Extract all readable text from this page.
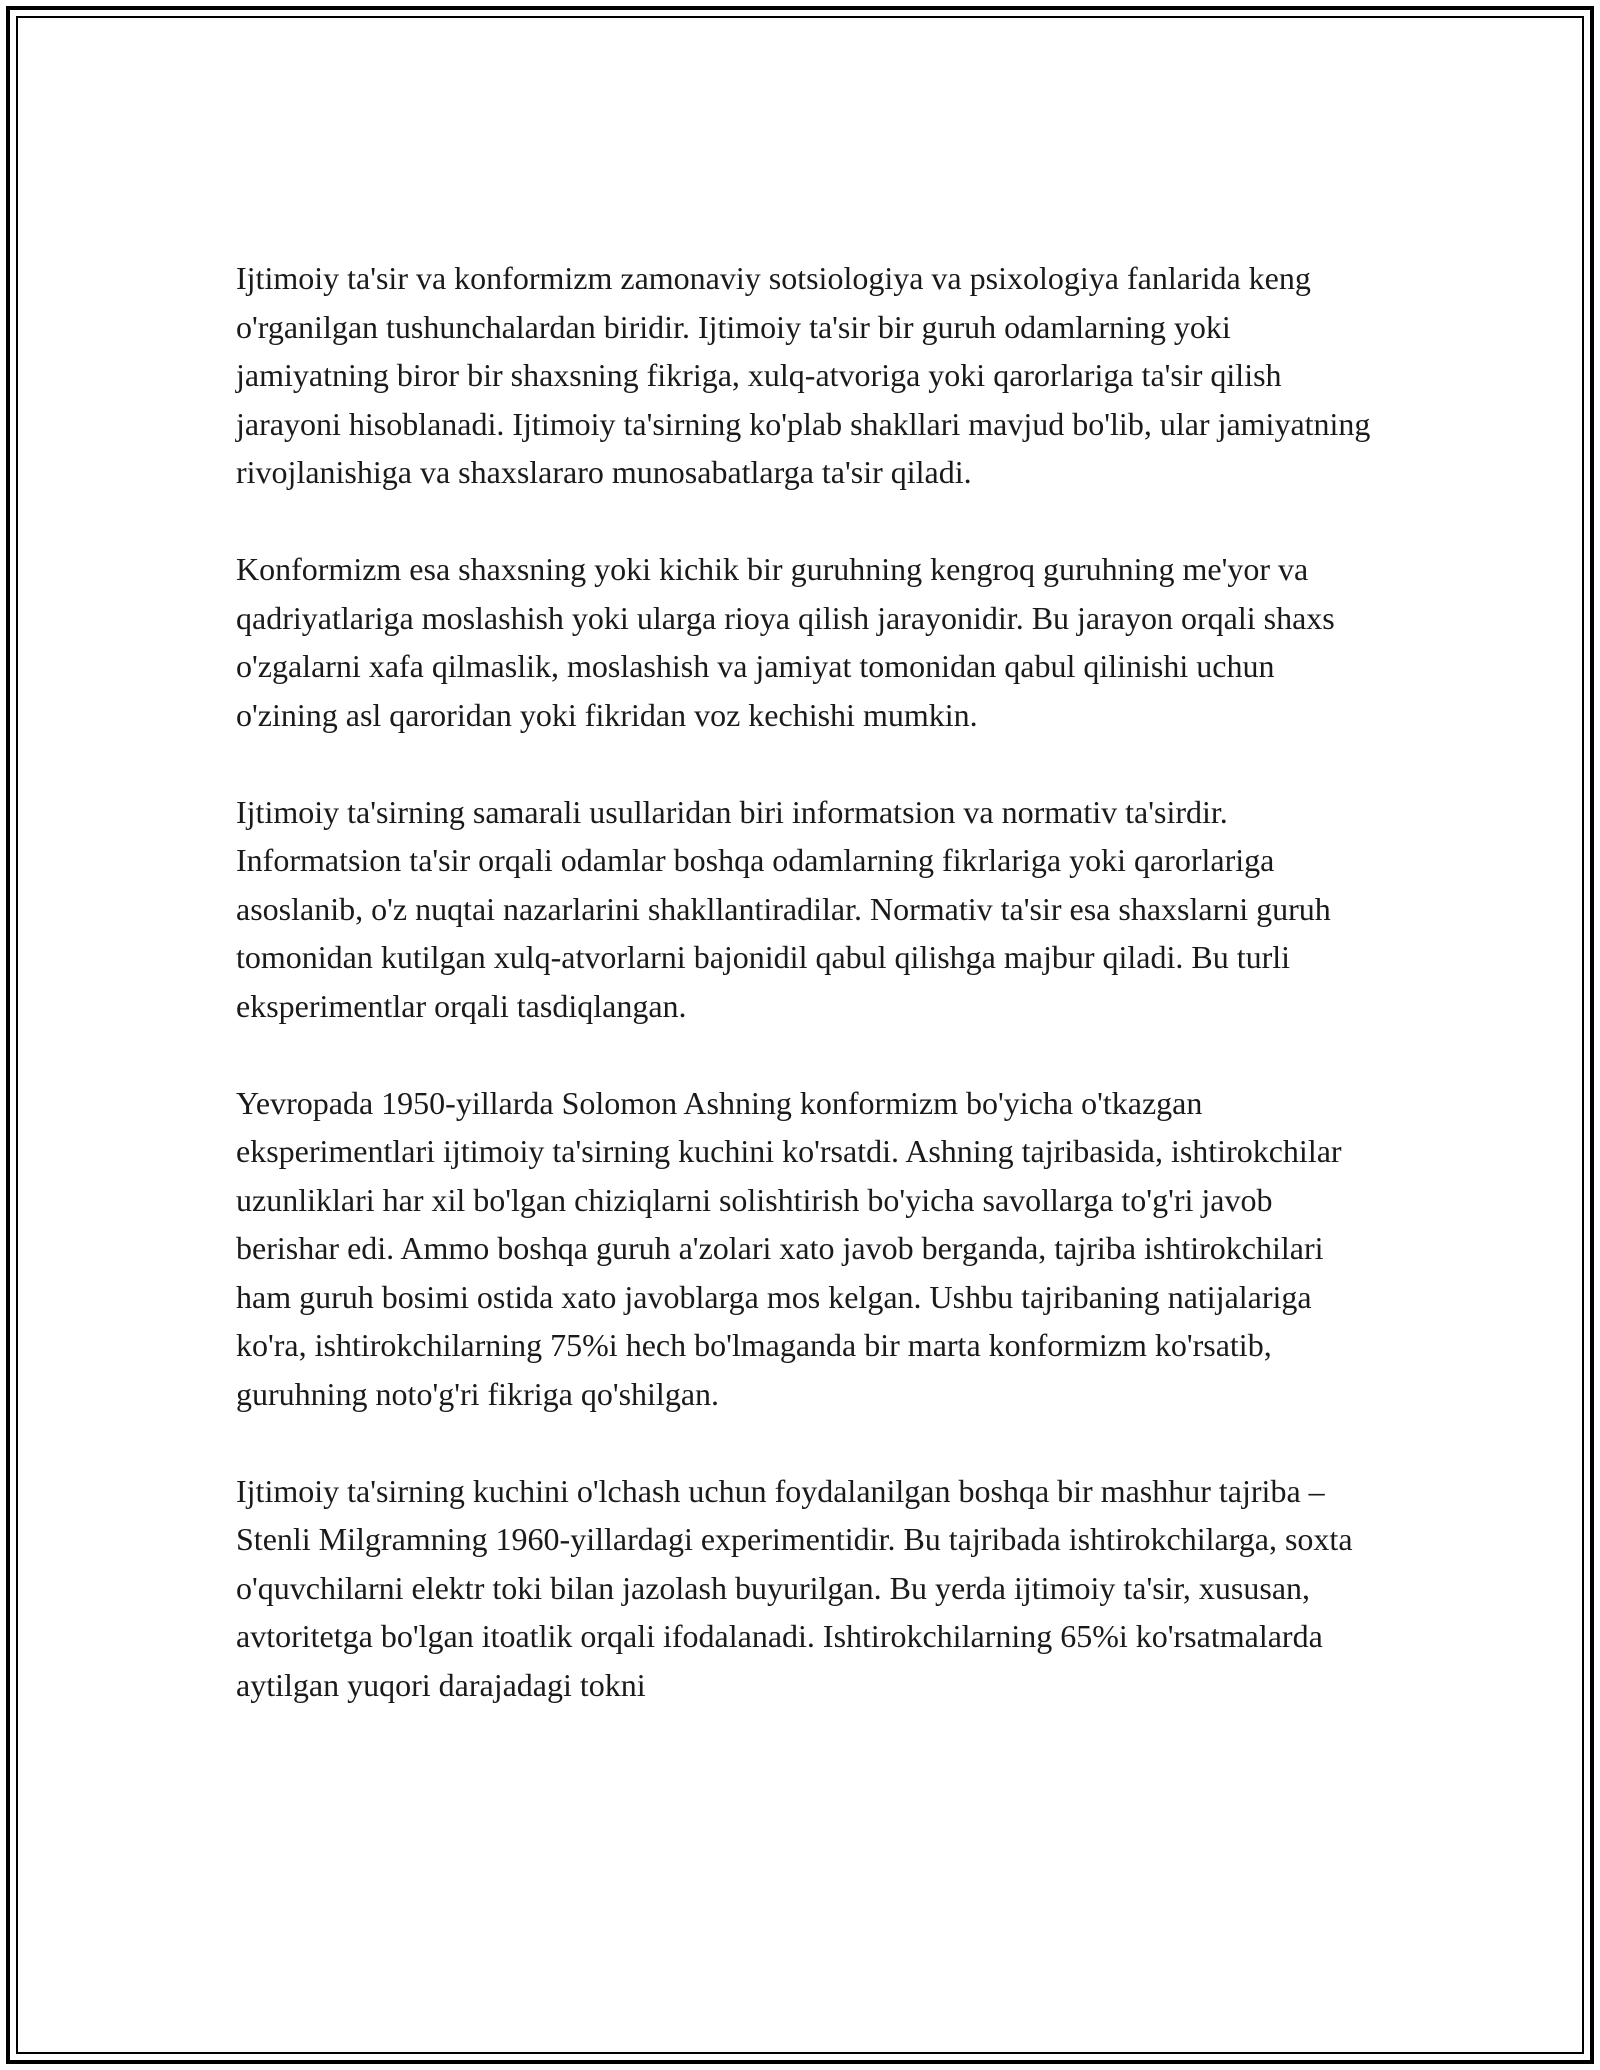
Ijtimoiy ta'sir va konformizm zamonaviy sotsiologiya va psixologiya fanlarida keng o'rganilgan tushunchalardan biridir. Ijtimoiy ta'sir bir guruh odamlarning yoki jamiyatning biror bir shaxsning fikriga, xulq-atvoriga yoki qarorlariga ta'sir qilish jarayoni hisoblanadi. Ijtimoiy ta'sirning ko'plab shakllari mavjud bo'lib, ular jamiyatning rivojlanishiga va shaxslararo munosabatlarga ta'sir qiladi.

Konformizm esa shaxsning yoki kichik bir guruhning kengroq guruhning me'yor va qadriyatlariga moslashish yoki ularga rioya qilish jarayonidir. Bu jarayon orqali shaxs o'zgalarni xafa qilmaslik, moslashish va jamiyat tomonidan qabul qilinishi uchun o'zining asl qaroridan yoki fikridan voz kechishi mumkin.

Ijtimoiy ta'sirning samarali usullaridan biri informatsion va normativ ta'sirdir. Informatsion ta'sir orqali odamlar boshqa odamlarning fikrlariga yoki qarorlariga asoslanib, o'z nuqtai nazarlarini shakllantiradilar. Normativ ta'sir esa shaxslarni guruh tomonidan kutilgan xulq-atvorlarni bajonidil qabul qilishga majbur qiladi. Bu turli eksperimentlar orqali tasdiqlangan.

Yevropada 1950-yillarda Solomon Ashning konformizm bo'yicha o'tkazgan eksperimentlari ijtimoiy ta'sirning kuchini ko'rsatdi. Ashning tajribasida, ishtirokchilar uzunliklari har xil bo'lgan chiziqlarni solishtirish bo'yicha savollarga to'g'ri javob berishar edi. Ammo boshqa guruh a'zolari xato javob berganda, tajriba ishtirokchilari ham guruh bosimi ostida xato javoblarga mos kelgan. Ushbu tajribaning natijalariga ko'ra, ishtirokchilarning 75%i hech bo'lmaganda bir marta konformizm ko'rsatib, guruhning noto'g'ri fikriga qo'shilgan.

Ijtimoiy ta'sirning kuchini o'lchash uchun foydalanilgan boshqa bir mashhur tajriba – Stenli Milgramning 1960-yillardagi experimentidir. Bu tajribada ishtirokchilarga, soxta o'quvchilarni elektr toki bilan jazolash buyurilgan. Bu yerda ijtimoiy ta'sir, xususan, avtoritetga bo'lgan itoatlik orqali ifodalanadi. Ishtirokchilarning 65%i ko'rsatmalarda aytilgan yuqori darajadagi tokni
